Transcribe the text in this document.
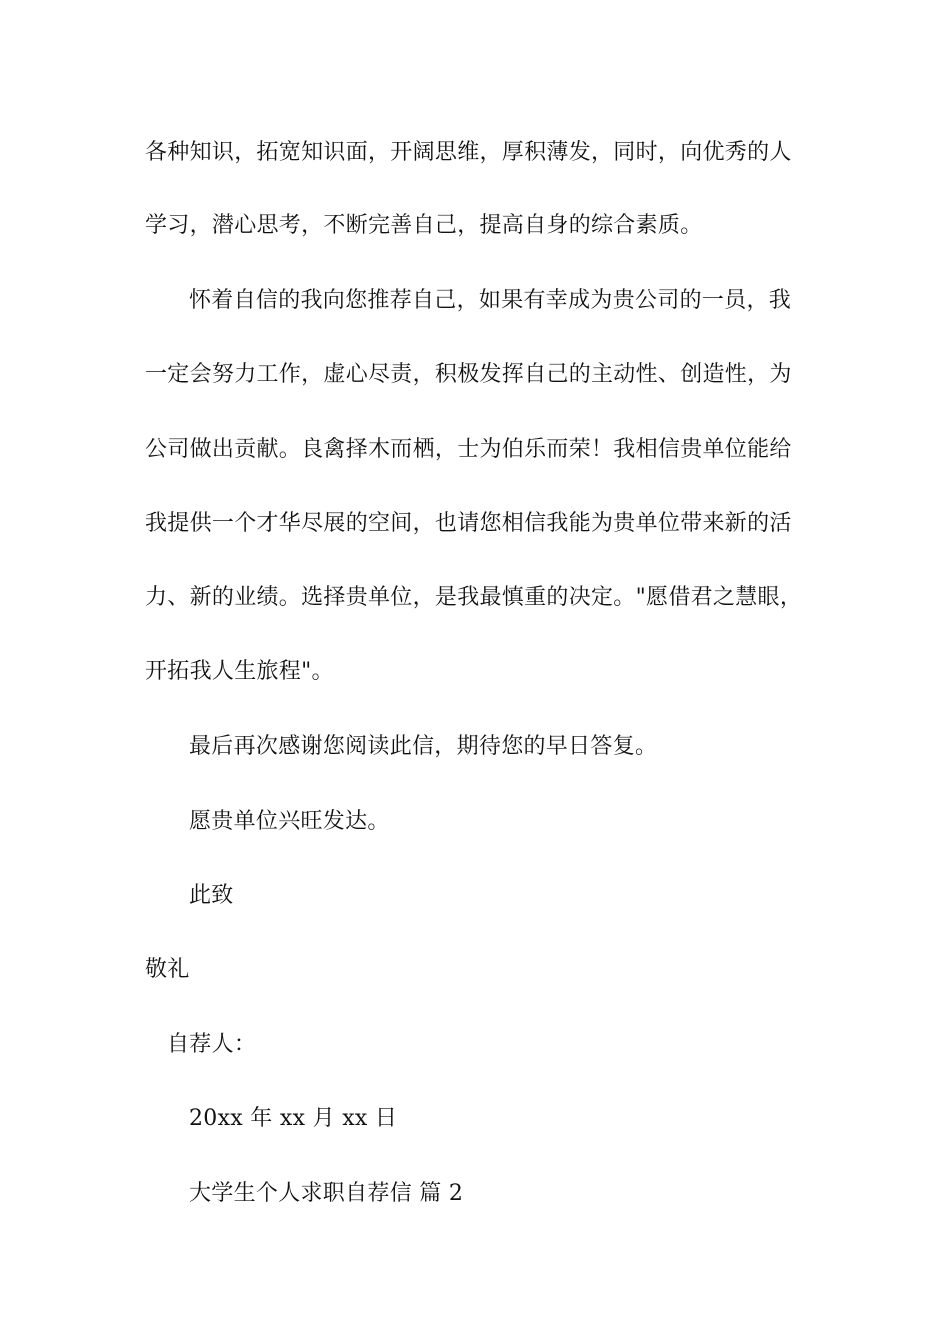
各种知识，拓宽知识面，开阔思维，厚积薄发，同时，向优秀的人

学习，潜心思考，不断完善自己，提高自身的综合素质。

怀着自信的我向您推荐自己，如果有幸成为贵公司的一员，我

一定会努力工作，虚心尽责，积极发挥自己的主动性、创造性，为

公司做出贡献。良禽择木而栖，士为伯乐而荣！我相信贵单位能给

我提供一个才华尽展的空间，也请您相信我能为贵单位带来新的活

力、新的业绩。选择贵单位，是我最慎重的决定。"愿借君之慧眼，

开拓我人生旅程"。

最后再次感谢您阅读此信，期待您的早日答复。

愿贵单位兴旺发达。

此致

敬礼

自荐人：

20xx 年 xx 月 xx 日

大学生个人求职自荐信 篇 2
